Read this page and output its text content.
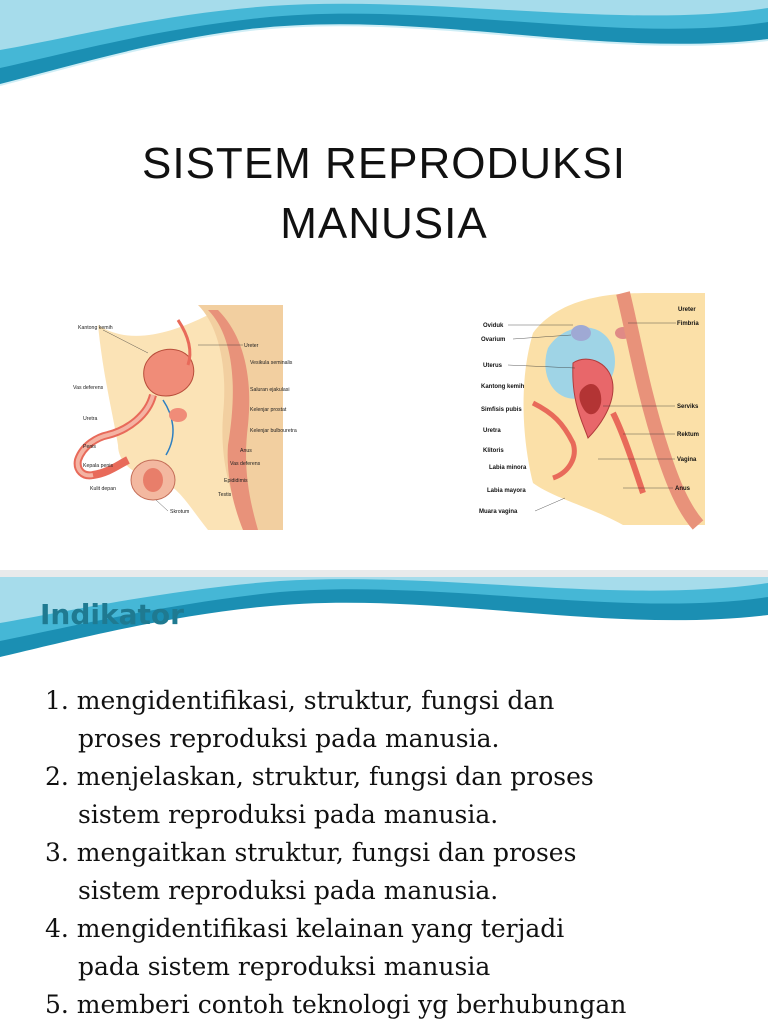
SISTEM REPRODUKSI
MANUSIA
Kantong kemih
Ureter
Vesikula seminalis
Vas deferens	Saluran ejakulasi
Uretra
Kelenjar prostat
Kelenjar bulbouretra
Penis
Anus
Kepala penis	Vas deferens
Kulit depan
Epididimis
Testis
Skrotum
Ureter
Fimbria
Oviduk
Ovarium
Uterus
Kantong kemih
Simfisis pubis	Serviks
Uretra
Rektum
Klitoris
Vagina
Labia minora
Anus
Labia mayora
Muara vagina
Indikator
1. mengidentifikasi, struktur, fungsi dan
proses reproduksi pada manusia.
2. menjelaskan, struktur, fungsi dan proses
sistem reproduksi pada manusia.
3. mengaitkan struktur, fungsi dan proses
sistem reproduksi pada manusia.
4. mengidentifikasi kelainan yang terjadi
pada sistem reproduksi manusia
5. memberi contoh teknologi yg berhubungan
